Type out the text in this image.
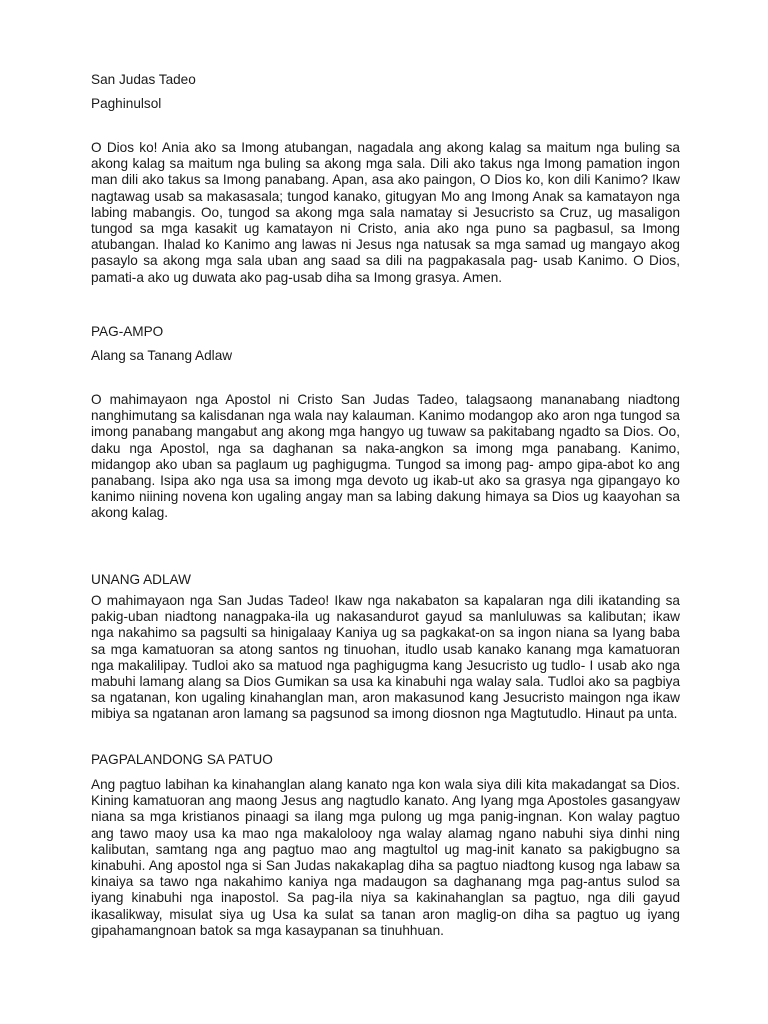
San Judas Tadeo

Paghinulsol

O Dios ko! Ania ako sa Imong atubangan, nagadala ang akong kalag sa maitum nga buling sa akong kalag sa maitum nga buling sa akong mga sala. Dili ako takus nga Imong pamation ingon man dili ako takus sa Imong panabang. Apan, asa ako paingon, O Dios ko, kon dili Kanimo? Ikaw nagtawag usab sa makasasala; tungod kanako, gitugyan Mo ang Imong Anak sa kamatayon nga labing mabangis. Oo, tungod sa akong mga sala namatay si Jesucristo sa Cruz, ug masaligon tungod sa mga kasakit ug kamatayon ni Cristo, ania ako nga puno sa pagbasul, sa Imong atubangan. Ihalad ko Kanimo ang lawas ni Jesus nga natusak sa mga samad ug mangayo akog pasaylo sa akong mga sala uban ang saad sa dili na pagpakasala pag- usab Kanimo. O Dios, pamati-a ako ug duwata ako pag-usab diha sa Imong grasya. Amen.

PAG-AMPO

Alang sa Tanang Adlaw

O mahimayaon nga Apostol ni Cristo San Judas Tadeo, talagsaong mananabang niadtong nanghimutang sa kalisdanan nga wala nay kalauman. Kanimo modangop ako aron nga tungod sa imong panabang mangabut ang akong mga hangyo ug tuwaw sa pakitabang ngadto sa Dios. Oo, daku nga Apostol, nga sa daghanan sa naka-angkon sa imong mga panabang. Kanimo, midangop ako uban sa paglaum ug paghigugma. Tungod sa imong pag- ampo gipa-abot ko ang panabang. Isipa ako nga usa sa imong mga devoto ug ikab-ut ako sa grasya nga gipangayo ko kanimo niining novena kon ugaling angay man sa labing dakung himaya sa Dios ug kaayohan sa akong kalag.

UNANG ADLAW

O mahimayaon nga San Judas Tadeo! Ikaw nga nakabaton sa kapalaran nga dili ikatanding sa pakig-uban niadtong nanagpaka-ila ug nakasandurot gayud sa manluluwas sa kalibutan; ikaw nga nakahimo sa pagsulti sa hinigalaay Kaniya ug sa pagkakat-on sa ingon niana sa Iyang baba sa mga kamatuoran sa atong santos ng tinuohan, itudlo usab kanako kanang mga kamatuoran nga makalilipay. Tudloi ako sa matuod nga paghigugma kang Jesucristo ug tudlo- I usab ako nga mabuhi lamang alang sa Dios Gumikan sa usa ka kinabuhi nga walay sala. Tudloi ako sa pagbiya sa ngatanan, kon ugaling kinahanglan man, aron makasunod kang Jesucristo maingon nga ikaw mibiya sa ngatanan aron lamang sa pagsunod sa imong diosnon nga Magtutudlo. Hinaut pa unta.

PAGPALANDONG SA PATUO

Ang pagtuo labihan ka kinahanglan alang kanato nga kon wala siya dili kita makadangat sa Dios. Kining kamatuoran ang maong Jesus ang nagtudlo kanato. Ang Iyang mga Apostoles gasangyaw niana sa mga kristianos pinaagi sa ilang mga pulong ug mga panig-ingnan. Kon walay pagtuo ang tawo maoy usa ka mao nga makalolooy nga walay alamag ngano nabuhi siya dinhi ning kalibutan, samtang nga ang pagtuo mao ang magtultol ug mag-init kanato sa pakigbugno sa kinabuhi. Ang apostol nga si San Judas nakakaplag diha sa pagtuo niadtong kusog nga labaw sa kinaiya sa tawo nga nakahimo kaniya nga madaugon sa daghanang mga pag-antus sulod sa iyang kinabuhi nga inapostol. Sa pag-ila niya sa kakinahanglan sa pagtuo, nga dili gayud ikasalikway, misulat siya ug Usa ka sulat sa tanan aron maglig-on diha sa pagtuo ug iyang gipahamangnoan batok sa mga kasaypanan sa tinuhhuan.
